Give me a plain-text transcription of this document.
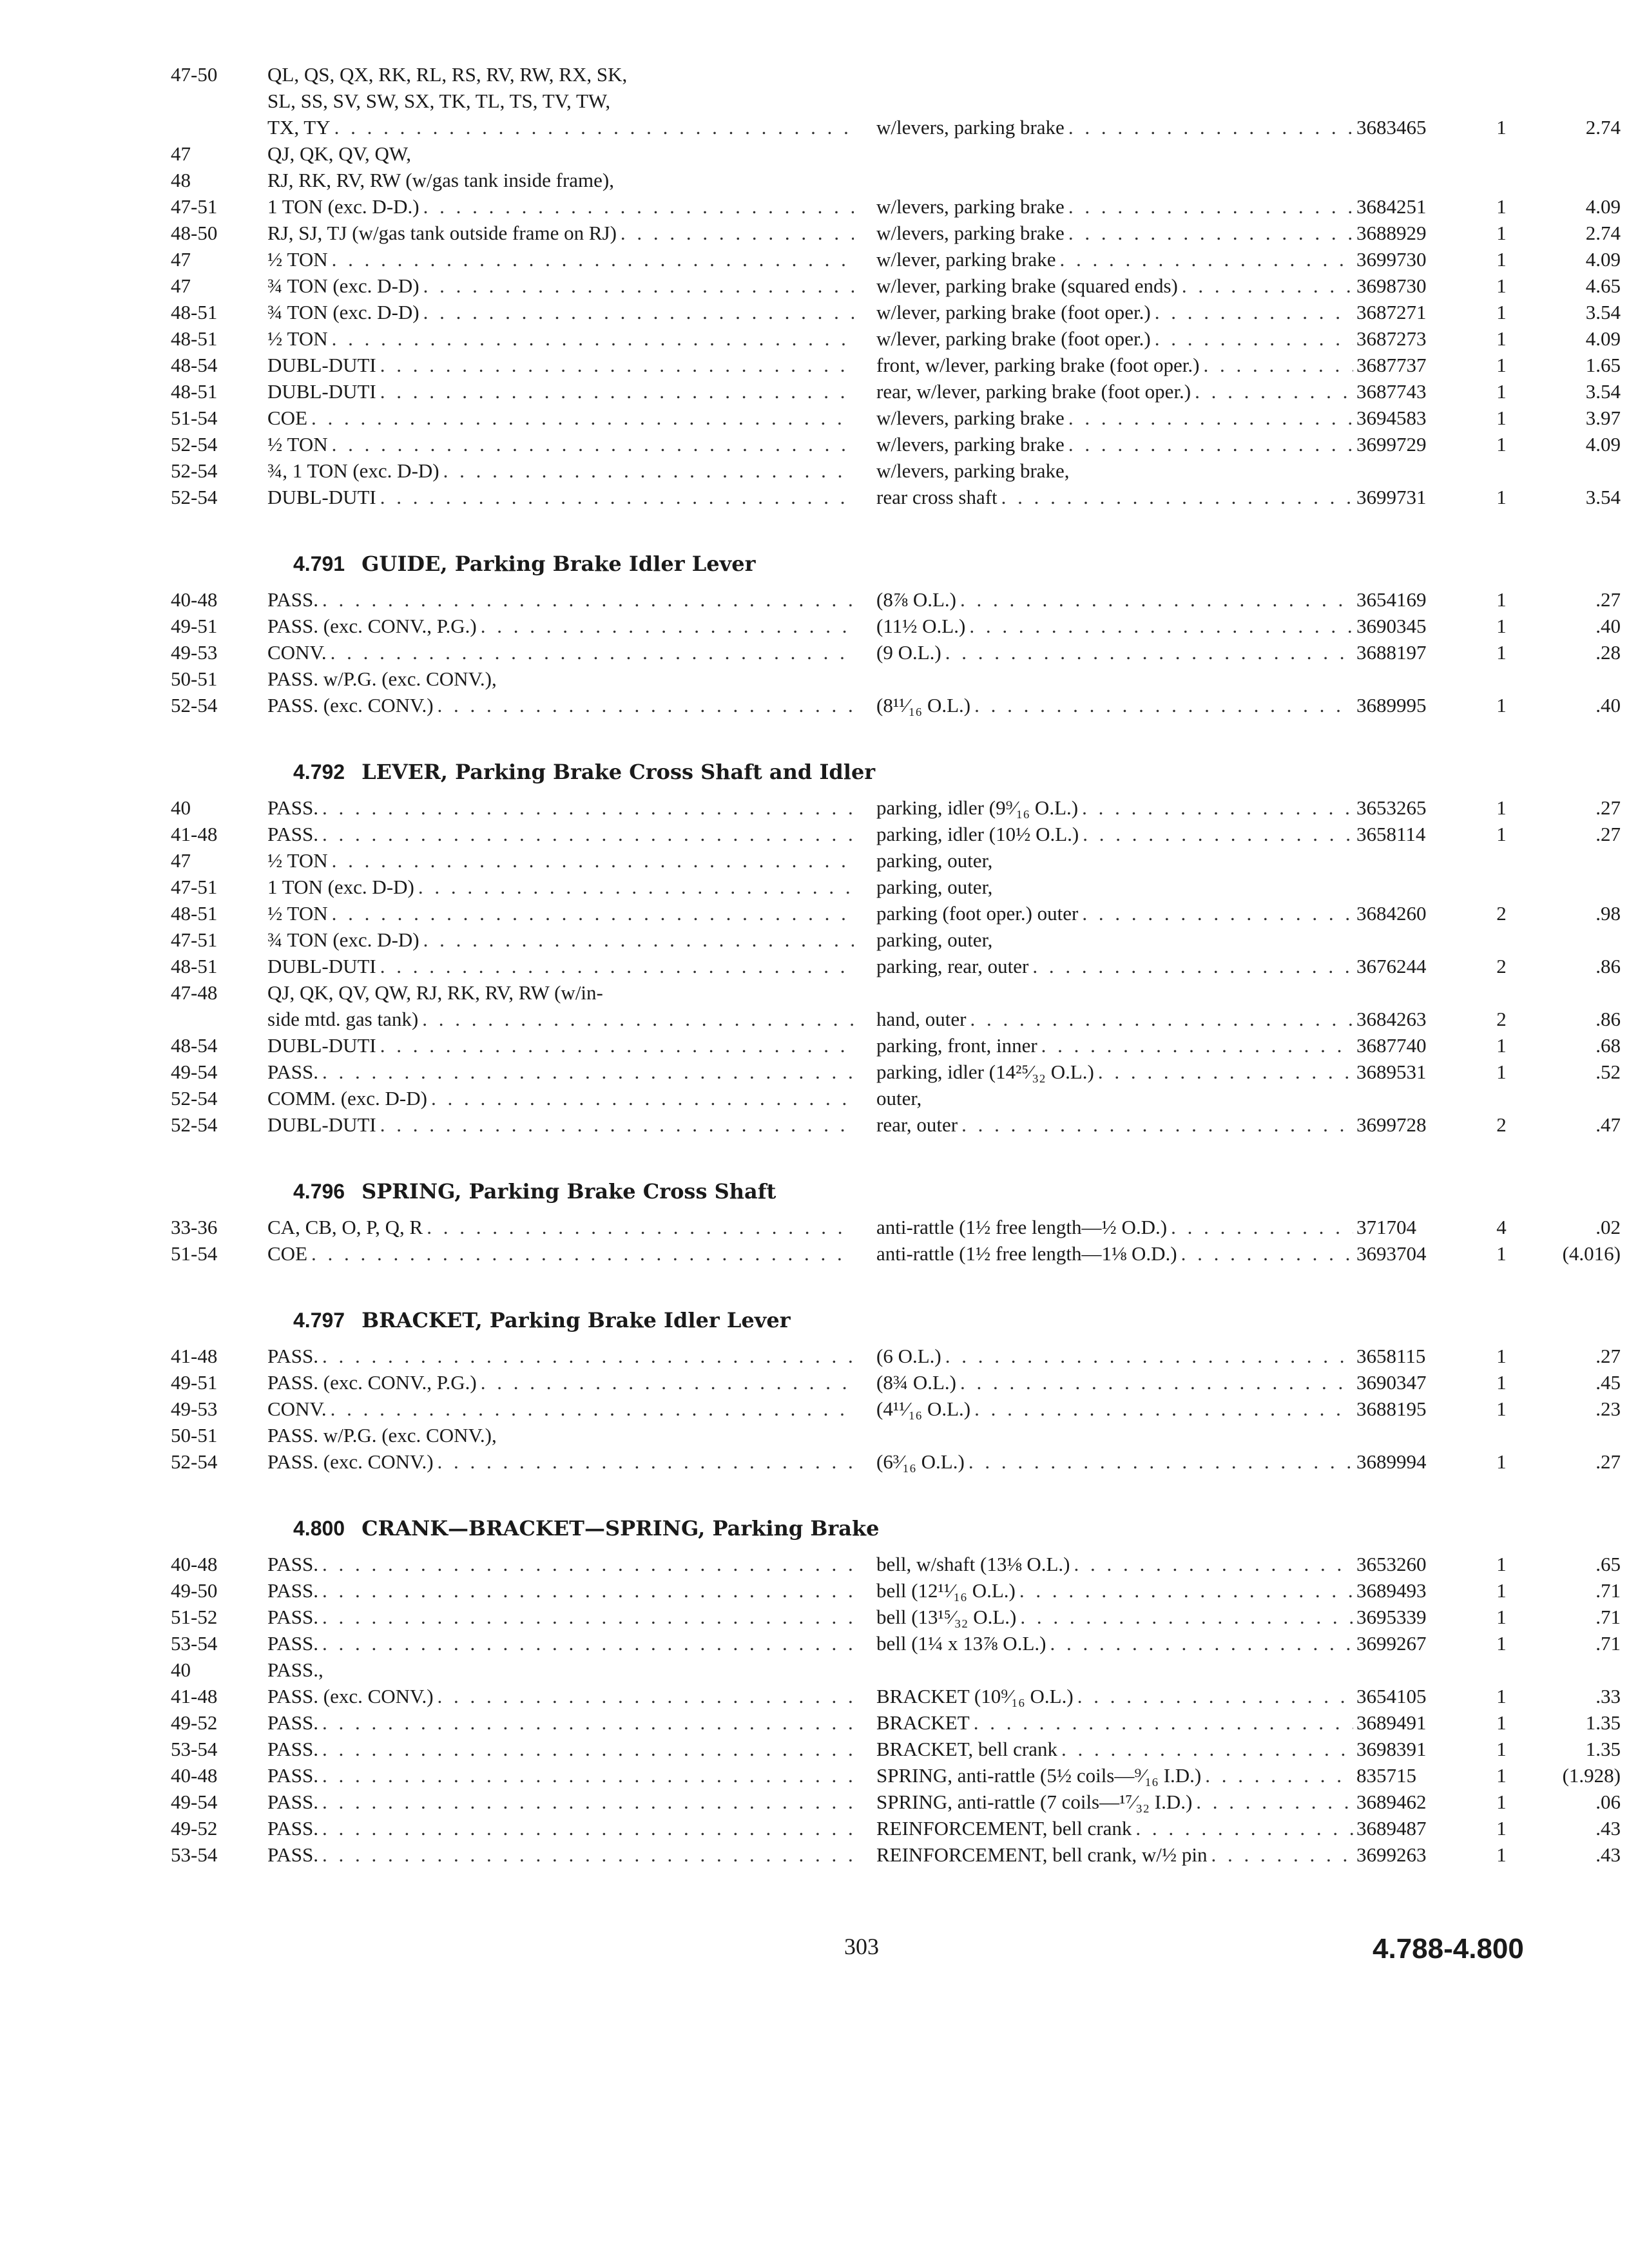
47-50	QL, QS, QX, RK, RL, RS, RV, RW, RX, SK,
SL, SS, SV, SW, SX, TK, TL, TS, TV, TW,
TX, TY . . .	w/levers, parking brake . . .	3683465	1	2.74
47	QJ, QK, QV, QW,
48	RJ, RK, RV, RW (w/gas tank inside frame),
47-51	1 TON (exc. D-D.) . . .	w/levers, parking brake . . .	3684251	1	4.09
48-50	RJ, SJ, TJ (w/gas tank outside frame on RJ) . . .	w/levers, parking brake . . .	3688929	1	2.74
47	½ TON . . .	w/lever, parking brake . . .	3699730	1	4.09
47	¾ TON (exc. D-D) . . .	w/lever, parking brake (squared ends) . . .	3698730	1	4.65
48-51	¾ TON (exc. D-D) . . .	w/lever, parking brake (foot oper.) . . .	3687271	1	3.54
48-51	½ TON . . .	w/lever, parking brake (foot oper.) . . .	3687273	1	4.09
48-54	DUBL-DUTI . . .	front, w/lever, parking brake (foot oper.) . . .	3687737	1	1.65
48-51	DUBL-DUTI . . .	rear, w/lever, parking brake (foot oper.) . . .	3687743	1	3.54
51-54	COE . . .	w/levers, parking brake . . .	3694583	1	3.97
52-54	½ TON . . .	w/levers, parking brake . . .	3699729	1	4.09
52-54	¾, 1 TON (exc. D-D) . . .	w/levers, parking brake,
52-54	DUBL-DUTI . . .	rear cross shaft . . .	3699731	1	3.54
4.791 GUIDE, Parking Brake Idler Lever
40-48	PASS. . . .	(8⅞ O.L.) . . .	3654169	1	.27
49-51	PASS. (exc. CONV., P.G.) . . .	(11½ O.L.) . . .	3690345	1	.40
49-53	CONV. . . .	(9 O.L.) . . .	3688197	1	.28
50-51	PASS. w/P.G. (exc. CONV.),
52-54	PASS. (exc. CONV.) . . .	(8¹¹⁄₁₆ O.L.) . . .	3689995	1	.40
4.792 LEVER, Parking Brake Cross Shaft and Idler
40	PASS. . . .	parking, idler (9⁹⁄₁₆ O.L.) . . .	3653265	1	.27
41-48	PASS. . . .	parking, idler (10½ O.L.) . . .	3658114	1	.27
47	½ TON . . .	parking, outer,
47-51	1 TON (exc. D-D) . . .	parking, outer,
48-51	½ TON . . .	parking (foot oper.) outer . . .	3684260	2	.98
47-51	¾ TON (exc. D-D) . . .	parking, outer,
48-51	DUBL-DUTI . . .	parking, rear, outer . . .	3676244	2	.86
47-48	QJ, QK, QV, QW, RJ, RK, RV, RW (w/in-
side mtd. gas tank) . . .	hand, outer . . .	3684263	2	.86
48-54	DUBL-DUTI . . .	parking, front, inner . . .	3687740	1	.68
49-54	PASS. . . .	parking, idler (14²⁵⁄₃₂ O.L.) . . .	3689531	1	.52
52-54	COMM. (exc. D-D) . . .	outer,
52-54	DUBL-DUTI . . .	rear, outer . . .	3699728	2	.47
4.796 SPRING, Parking Brake Cross Shaft
33-36	CA, CB, O, P, Q, R . . .	anti-rattle (1½ free length—½ O.D.) . . .	371704	4	.02
51-54	COE . . .	anti-rattle (1½ free length—1⅛ O.D.) . . .	3693704	1	(4.016)
4.797 BRACKET, Parking Brake Idler Lever
41-48	PASS. . . .	(6 O.L.) . . .	3658115	1	.27
49-51	PASS. (exc. CONV., P.G.) . . .	(8¾ O.L.) . . .	3690347	1	.45
49-53	CONV. . . .	(4¹¹⁄₁₆ O.L.) . . .	3688195	1	.23
50-51	PASS. w/P.G. (exc. CONV.),
52-54	PASS. (exc. CONV.) . . .	(6³⁄₁₆ O.L.) . . .	3689994	1	.27
4.800 CRANK—BRACKET—SPRING, Parking Brake
40-48	PASS. . . .	bell, w/shaft (13⅛ O.L.) . . .	3653260	1	.65
49-50	PASS. . . .	bell (12¹¹⁄₁₆ O.L.) . . .	3689493	1	.71
51-52	PASS. . . .	bell (13¹⁵⁄₃₂ O.L.) . . .	3695339	1	.71
53-54	PASS. . . .	bell (1¼ x 13⅞ O.L.) . . .	3699267	1	.71
40	PASS.,
41-48	PASS. (exc. CONV.) . . .	BRACKET (10⁹⁄₁₆ O.L.) . . .	3654105	1	.33
49-52	PASS. . . .	BRACKET . . .	3689491	1	1.35
53-54	PASS. . . .	BRACKET, bell crank . . .	3698391	1	1.35
40-48	PASS. . . .	SPRING, anti-rattle (5½ coils—⁹⁄₁₆ I.D.) . . .	835715	1	(1.928)
49-54	PASS. . . .	SPRING, anti-rattle (7 coils—¹⁷⁄₃₂ I.D.) . . .	3689462	1	.06
49-52	PASS. . . .	REINFORCEMENT, bell crank . . .	3689487	1	.43
53-54	PASS. . . .	REINFORCEMENT, bell crank, w/½ pin . . .	3699263	1	.43
303	4.788-4.800
